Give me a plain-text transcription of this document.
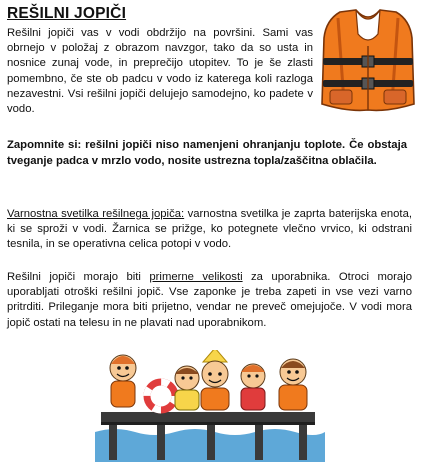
REŠILNI JOPIČI
Rešilni jopiči vas v vodi obdržijo na površini. Sami vas obrnejo v položaj z obrazom navzgor, tako da so usta in nosnice zunaj vode, in preprečijo utopitev. To je še zlasti pomembno, če ste ob padcu v vodo iz katerega koli razloga nezavestni. Vsi rešilni jopiči delujejo samodejno, ko padete v vodo.
Zapomnite si: rešilni jopiči niso namenjeni ohranjanju toplote. Če obstaja tveganje padca v mrzlo vodo, nosite ustrezna topla/zaščitna oblačila.
Varnostna svetilka rešilnega jopiča: varnostna svetilka je zaprta baterijska enota, ki se sproži v vodi. Žarnica se prižge, ko potegnete vlečno vrvico, ki odstrani tesnila, in se operativna celica potopi v vodo.
Rešilni jopiči morajo biti primerne velikosti za uporabnika. Otroci morajo uporabljati otroški rešilni jopič. Vse zaponke je treba zapeti in vse vezi varno pritrditi. Prileganje mora biti prijetno, vendar ne preveč omejujoče. V vodi mora jopič ostati na telesu in ne plavati nad uporabnikom.
